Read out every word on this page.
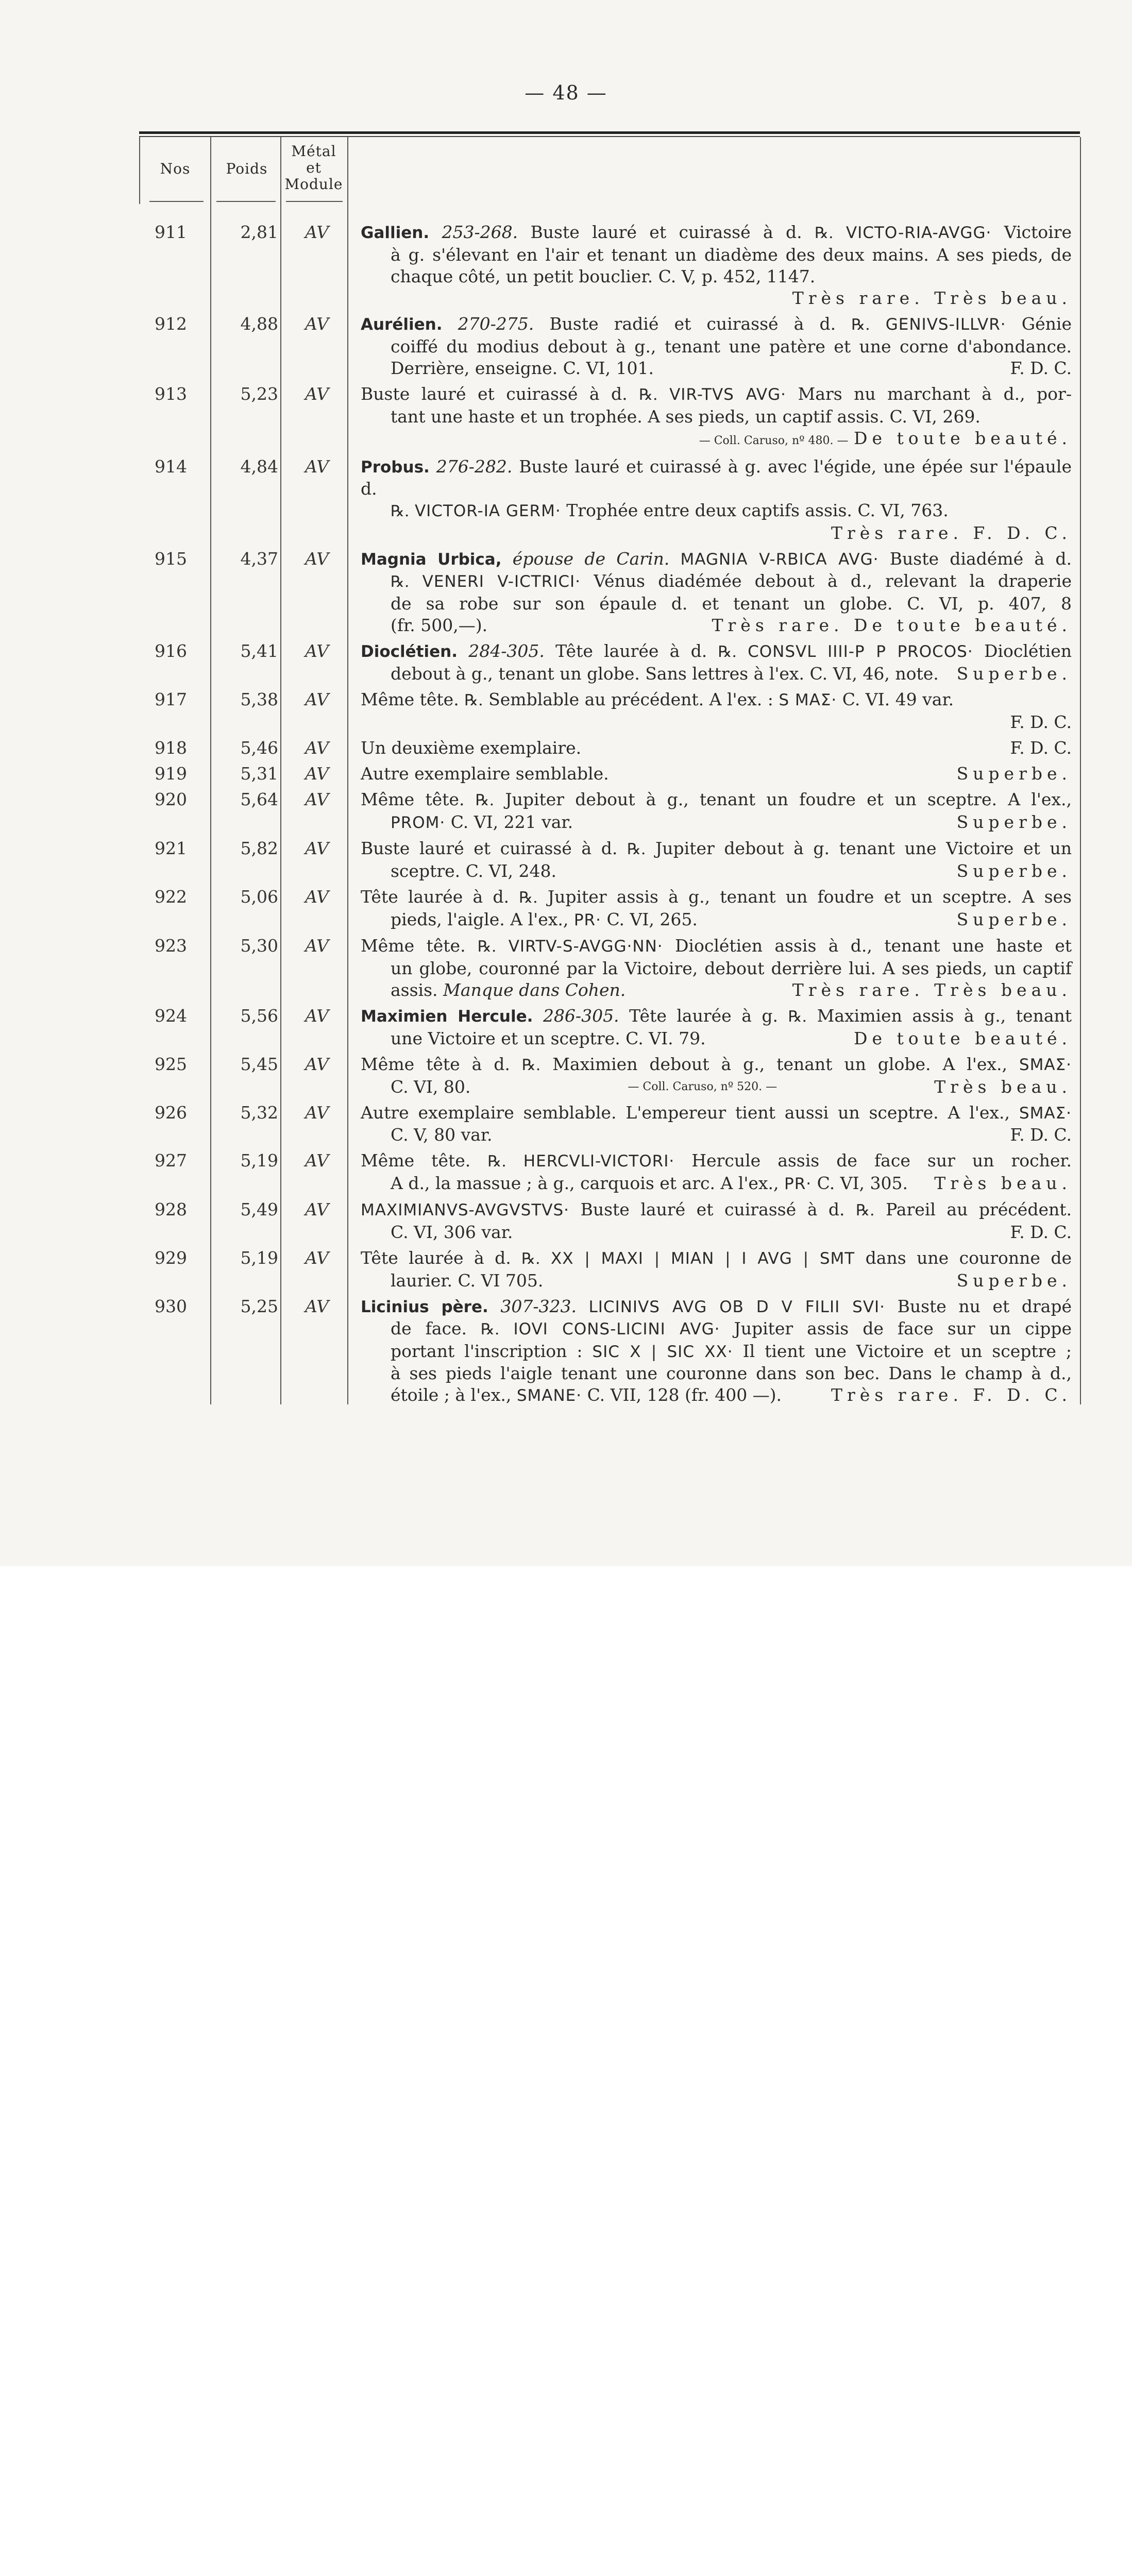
— 48 —
Nos	Poids
Métal
et
Module
911	2,81 AV Gallien. 253-268. Buste lauré et cuirassé à d. ℞. VICTO-RIA-AVGG· Victoire

à g. s'élevant en l'air et tenant un diadème des deux mains. A ses pieds, de

chaque côté, un petit bouclier. C. V, p. 452, 1147.

Très rare. Très beau.

912	4,88 AV Aurélien. 270-275. Buste radié et cuirassé à d. ℞. GENIVS-ILLVR· Génie

coiffé du modius debout à g., tenant une patère et une corne d'abondance.

Derrière, enseigne. C. VI, 101.	F. D. C.

913	5,23 AV Buste lauré et cuirassé à d. ℞. VIR-TVS AVG· Mars nu marchant à d., por-

tant une haste et un trophée. A ses pieds, un captif assis. C. VI, 269.

— Coll. Caruso, nº 480. — De toute beauté.

914	4,84 AV Probus. 276-282. Buste lauré et cuirassé à g. avec l'égide, une épée sur l'épaule d.

℞. VICTOR-IA GERM· Trophée entre deux captifs assis. C. VI, 763.

Très rare. F. D. C.

915	4,37 AV Magnia Urbica, épouse de Carin. MAGNIA V-RBICA AVG· Buste diadémé à d.

℞. VENERI V-ICTRICI· Vénus diadémée debout à d., relevant la draperie

de sa robe sur son épaule d. et tenant un globe. C. VI, p. 407, 8

(fr. 500,—).	Très rare. De toute beauté.

916	5,41 AV Dioclétien. 284-305. Tête laurée à d. ℞. CONSVL IIII-P P PROCOS· Dioclétien

debout à g., tenant un globe. Sans lettres à l'ex. C. VI, 46, note. Superbe.

917	5,38 AV Même tête. ℞. Semblable au précédent. A l'ex. : S MAΣ· C. VI. 49 var.

F. D. C.

918	5,46 AV Un deuxième exemplaire.	F. D. C.

919	5,31 AV Autre exemplaire semblable.	Superbe.

920	5,64 AV Même tête. ℞. Jupiter debout à g., tenant un foudre et un sceptre. A l'ex.,

PROM· C. VI, 221 var.	Superbe.

921	5,82 AV Buste lauré et cuirassé à d. ℞. Jupiter debout à g. tenant une Victoire et un

sceptre. C. VI, 248.	Superbe.

922	5,06 AV Tête laurée à d. ℞. Jupiter assis à g., tenant un foudre et un sceptre. A ses

pieds, l'aigle. A l'ex., PR· C. VI, 265.	Superbe.

923	5,30 AV Même tête. ℞. VIRTV-S-AVGG·NN· Dioclétien assis à d., tenant une haste et

un globe, couronné par la Victoire, debout derrière lui. A ses pieds, un captif

assis. Manque dans Cohen.	Très rare. Très beau.

924	5,56 AV Maximien Hercule. 286-305. Tête laurée à g. ℞. Maximien assis à g., tenant

une Victoire et un sceptre. C. VI. 79.	De toute beauté.

925	5,45 AV Même tête à d. ℞. Maximien debout à g., tenant un globe. A l'ex., SMAΣ·

C. VI, 80.	— Coll. Caruso, nº 520. —	Très beau.

926	5,32 AV Autre exemplaire semblable. L'empereur tient aussi un sceptre. A l'ex., SMAΣ·

C. V, 80 var.	F. D. C.

927	5,19 AV Même tête. ℞. HERCVLI-VICTORI· Hercule assis de face sur un rocher.

A d., la massue ; à g., carquois et arc. A l'ex., PR· C. VI, 305. Très beau.

928	5,49 AV MAXIMIANVS-AVGVSTVS· Buste lauré et cuirassé à d. ℞. Pareil au précédent.

C. VI, 306 var.	F. D. C.

929	5,19 AV Tête laurée à d. ℞. XX | MAXI | MIAN | I AVG | SMT dans une couronne de

laurier. C. VI 705.	Superbe.

930	5,25 AV Licinius père. 307-323. LICINIVS AVG OB D V FILII SVI· Buste nu et drapé

de face. ℞. IOVI CONS-LICINI AVG· Jupiter assis de face sur un cippe

portant l'inscription : SIC X | SIC XX· Il tient une Victoire et un sceptre ;

à ses pieds l'aigle tenant une couronne dans son bec. Dans le champ à d.,

étoile ; à l'ex., SMANE· C. VII, 128 (fr. 400 —).	Très rare. F. D. C.
